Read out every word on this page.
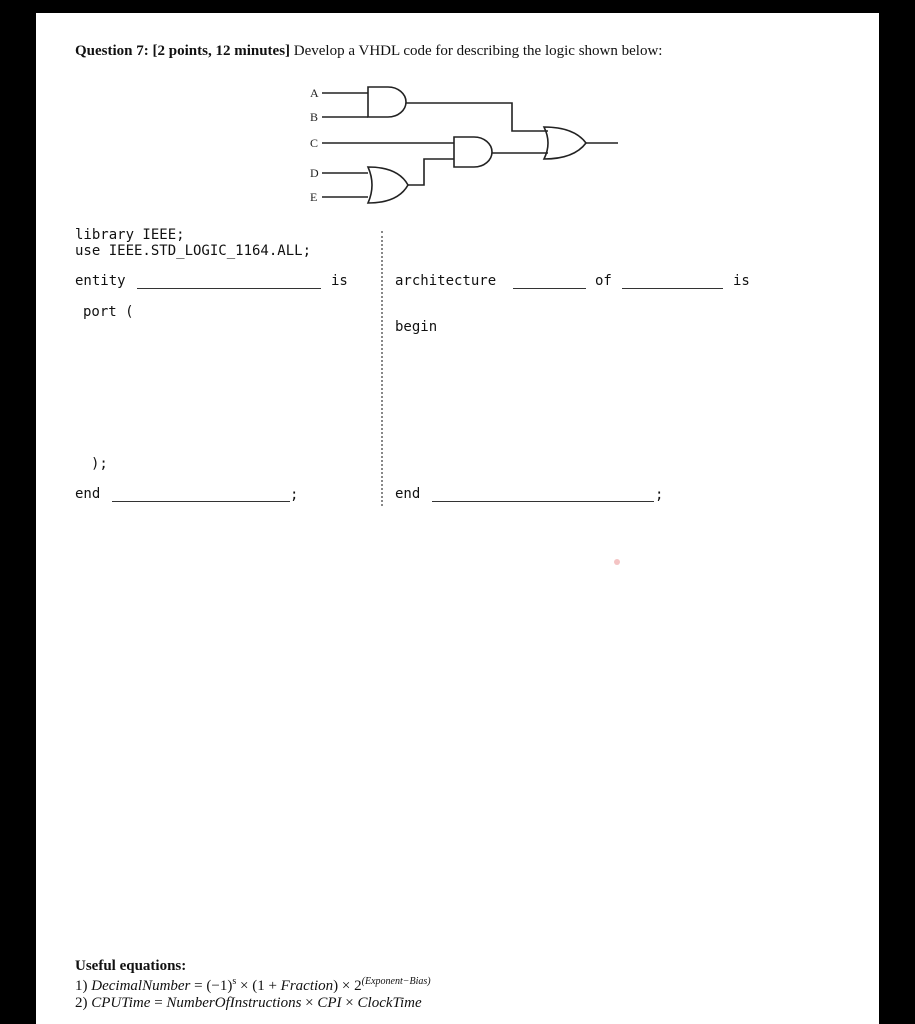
Question 7: [2 points, 12 minutes] Develop a VHDL code for describing the logic shown below:
A
B
C
D
E
library IEEE;
use IEEE.STD_LOGIC_1164.ALL;
entity	is
port (
);
end	;
architecture	of	is
begin
end	;
Useful equations:
1) DecimalNumber = $(-1)^s \times (1$ + Fraction) × $2^{(Exponent-Bias)}$
2) CPUTime = NumberOfInstructions × CPI × ClockTime
